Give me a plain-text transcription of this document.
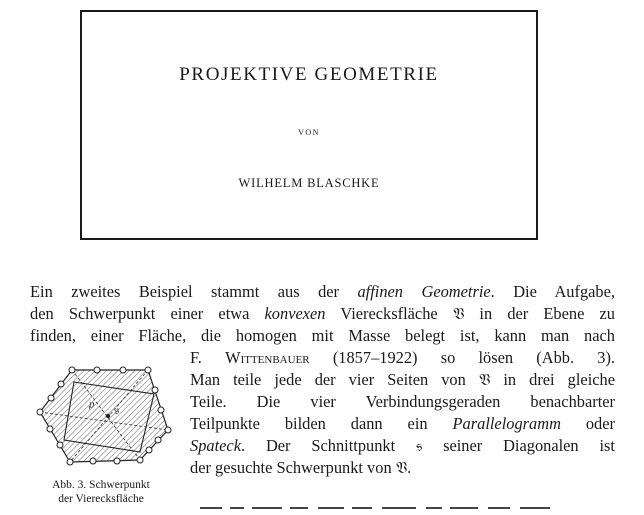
PROJEKTIVE GEOMETRIE
VON
WILHELM BLASCHKE
Ein zweites Beispiel stammt aus der affinen Geometrie. Die Aufgabe,
den Schwerpunkt einer etwa konvexen Vierecksfläche 𝔙 in der Ebene zu
finden, einer Fläche, die homogen mit Masse belegt ist, kann man nach
F. Wittenbauer (1857–1922) so lösen (Abb. 3).
Man teile jede der vier Seiten von 𝔙 in drei gleiche
Teile. Die vier Verbindungsgeraden benachbarter
Teilpunkte bilden dann ein Parallelogramm oder
Spateck. Der Schnittpunkt 𝔰 seiner Diagonalen ist
der gesuchte Schwerpunkt von 𝔙.
𝔭 𝔰
Abb. 3. Schwerpunkt
der Vierecksfläche
